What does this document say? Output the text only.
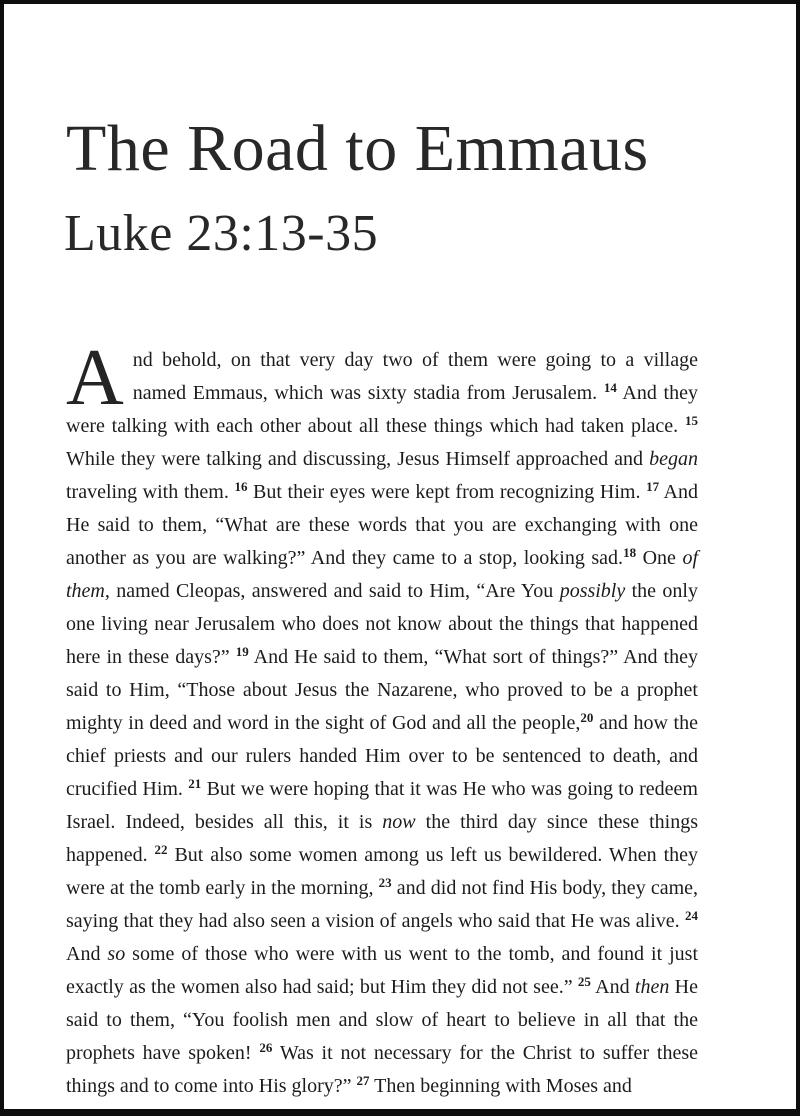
The Road to Emmaus
Luke 23:13-35

And behold, on that very day two of them were going to a village named Emmaus, which was sixty stadia from Jerusalem. $^{14}$ And they were talking with each other about all these things which had taken place. $^{15}$ While they were talking and discussing, Jesus Himself approached and began traveling with them. $^{16}$ But their eyes were kept from recognizing Him. $^{17}$ And He said to them, “What are these words that you are exchanging with one another as you are walking?” And they came to a stop, looking sad.$^{18}$ One of them, named Cleopas, answered and said to Him, “Are You possibly the only one living near Jerusalem who does not know about the things that happened here in these days?” $^{19}$ And He said to them, “What sort of things?” And they said to Him, “Those about Jesus the Nazarene, who proved to be a prophet mighty in deed and word in the sight of God and all the people,$^{20}$ and how the chief priests and our rulers handed Him over to be sentenced to death, and crucified Him. $^{21}$ But we were hoping that it was He who was going to redeem Israel. Indeed, besides all this, it is now the third day since these things happened. $^{22}$ But also some women among us left us bewildered. When they were at the tomb early in the morning, $^{23}$ and did not find His body, they came, saying that they had also seen a vision of angels who said that He was alive. $^{24}$ And so some of those who were with us went to the tomb, and found it just exactly as the women also had said; but Him they did not see.” $^{25}$ And then He said to them, “You foolish men and slow of heart to believe in all that the prophets have spoken! $^{26}$ Was it not necessary for the Christ to suffer these things and to come into His glory?” $^{27}$ Then beginning with Moses and
